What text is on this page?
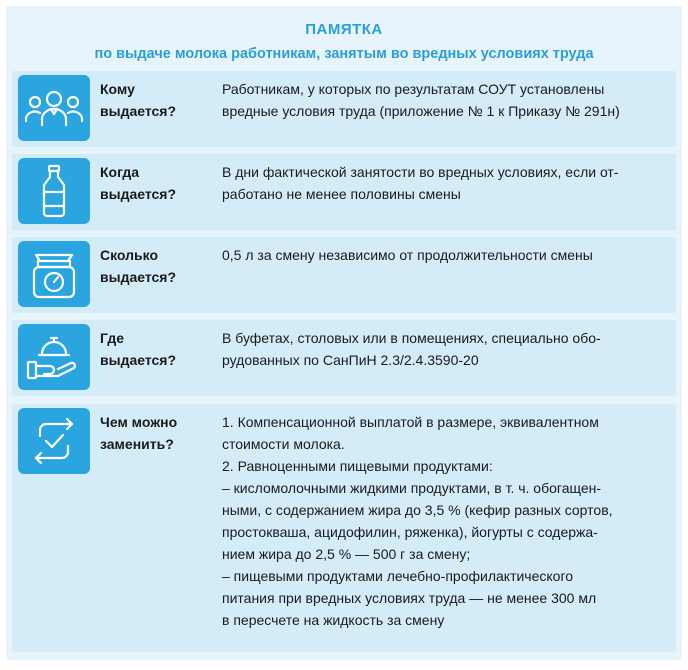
ПАМЯТКА
по выдаче молока работникам, занятым во вредных условиях труда
Кому
выдается?

Работникам, у которых по результатам СОУТ установлены

вредные условия труда (приложение № 1 к Приказу № 291н)

Когда
выдается?

В дни фактической занятости во вредных условиях, если от-

работано не менее половины смены

Сколько
выдается?

0,5 л за смену независимо от продолжительности смены

Где
выдается?

В буфетах, столовых или в помещениях, специально обо-

рудованных по СанПиН 2.3/2.4.3590-20

Чем можно
заменить?

1. Компенсационной выплатой в размере, эквивалентном

стоимости молока.

2. Равноценными пищевыми продуктами:

– кисломолочными жидкими продуктами, в т. ч. обогащен-

ными, с содержанием жира до 3,5 % (кефир разных сортов,

простокваша, ацидофилин, ряженка), йогурты с содержа-

нием жира до 2,5 % — 500 г за смену;

– пищевыми продуктами лечебно-профилактического

питания при вредных условиях труда — не менее 300 мл

в пересчете на жидкость за смену
